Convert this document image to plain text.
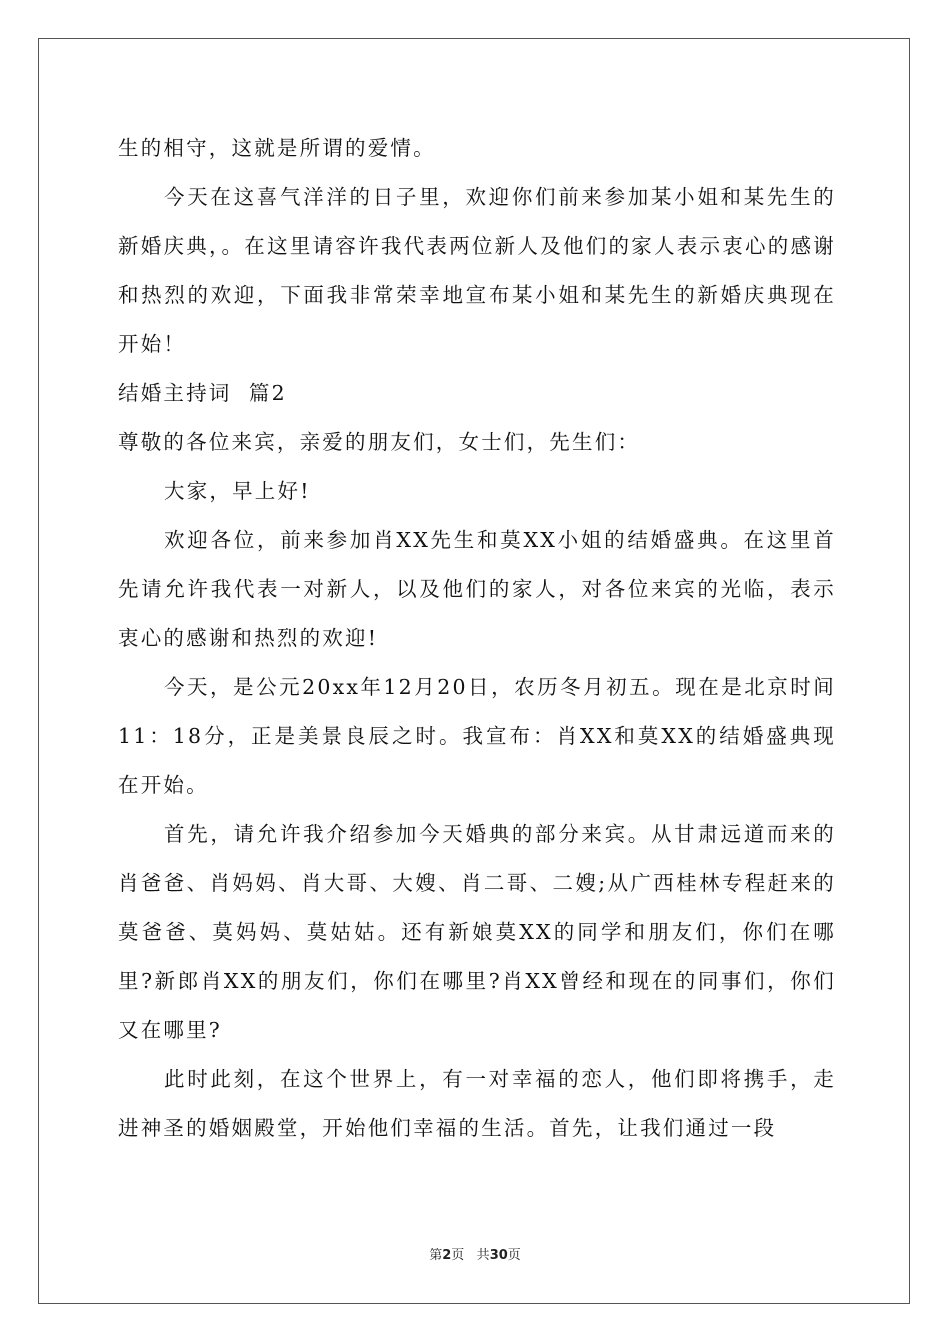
生的相守，这就是所谓的爱情。

今天在这喜气洋洋的日子里，欢迎你们前来参加某小姐和某先生的新婚庆典，。在这里请容许我代表两位新人及他们的家人表示衷心的感谢和热烈的欢迎，下面我非常荣幸地宣布某小姐和某先生的新婚庆典现在开始！

结婚主持词  篇2

尊敬的各位来宾，亲爱的朋友们，女士们，先生们：

大家，早上好!

欢迎各位，前来参加肖XX先生和莫XX小姐的结婚盛典。在这里首先请允许我代表一对新人，以及他们的家人，对各位来宾的光临，表示衷心的感谢和热烈的欢迎!

今天，是公元20xx年12月20日，农历冬月初五。现在是北京时间11：18分，正是美景良辰之时。我宣布：肖XX和莫XX的结婚盛典现在开始。

首先，请允许我介绍参加今天婚典的部分来宾。从甘肃远道而来的肖爸爸、肖妈妈、肖大哥、大嫂、肖二哥、二嫂;从广西桂林专程赶来的莫爸爸、莫妈妈、莫姑姑。还有新娘莫XX的同学和朋友们，你们在哪里?新郎肖XX的朋友们，你们在哪里?肖XX曾经和现在的同事们，你们又在哪里?

此时此刻，在这个世界上，有一对幸福的恋人，他们即将携手，走进神圣的婚姻殿堂，开始他们幸福的生活。首先，让我们通过一段

第2页 共30页
